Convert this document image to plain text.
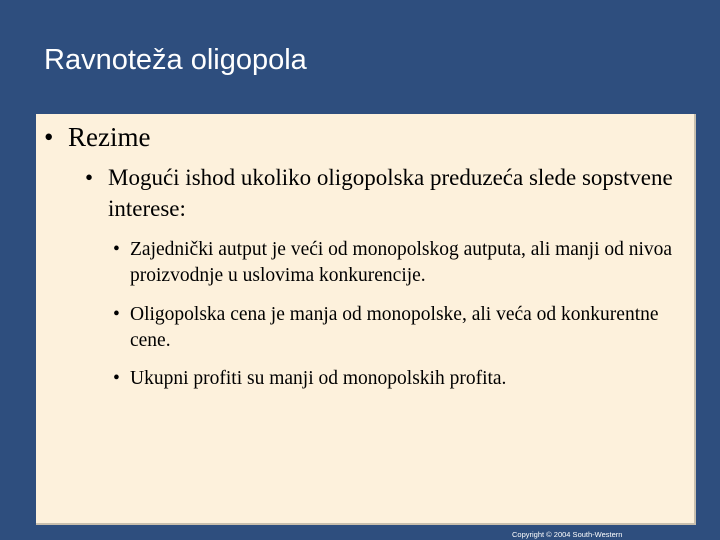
Ravnoteža oligopola
• Rezime
• Mogući ishod ukoliko oligopolska preduzeća slede sopstvene interese:
• Zajednički autput je veći od monopolskog autputa, ali manji od nivoa proizvodnje u uslovima konkurencije.
• Oligopolska cena je manja od monopolske, ali veća od konkurentne cene.
• Ukupni profiti su manji od monopolskih profita.
Copyright © 2004 South-Western
